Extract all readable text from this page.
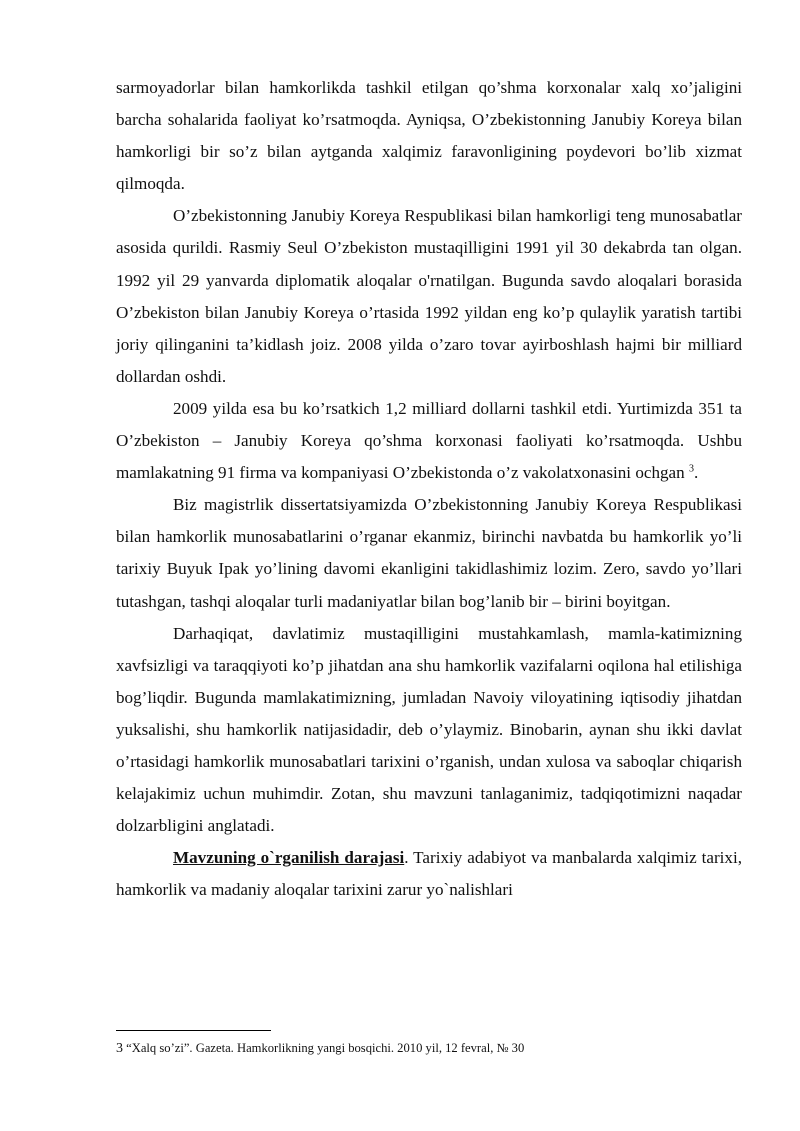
sarmoyadorlar bilan hamkorlikda tashkil etilgan qo’shma korxonalar xalq xo’jaligini barcha sohalarida faoliyat ko’rsatmoqda. Ayniqsa, O’zbekistonning Janubiy Koreya bilan hamkorligi bir so’z bilan aytganda xalqimiz faravonligining poydevori bo’lib xizmat qilmoqda.

O’zbekistonning Janubiy Koreya Respublikasi bilan hamkorligi teng munosabatlar asosida qurildi. Rasmiy Seul O’zbekiston mustaqilligini 1991 yil 30 dekabrda tan olgan. 1992 yil 29 yanvarda diplomatik aloqalar o'rnatilgan. Bugunda savdo aloqalari borasida O’zbekiston bilan Janubiy Koreya o’rtasida 1992 yildan eng ko’p qulaylik yaratish tartibi joriy qilinganini ta’kidlash joiz. 2008 yilda o’zaro tovar ayirboshlash hajmi bir milliard dollardan oshdi.

2009 yilda esa bu ko’rsatkich 1,2 milliard dollarni tashkil etdi. Yurtimizda 351 ta O’zbekiston – Janubiy Koreya qo’shma korxonasi faoliyati ko’rsatmoqda. Ushbu mamlakatning 91 firma va kompaniyasi O’zbekistonda o’z vakolatxonasini ochgan $^3$.

Biz magistrlik dissertatsiyamizda O’zbekistonning Janubiy Koreya Respublikasi bilan hamkorlik munosabatlarini o’rganar ekanmiz, birinchi navbatda bu hamkorlik yo’li tarixiy Buyuk Ipak yo’lining davomi ekanligini takidlashimiz lozim. Zero, savdo yo’llari tutashgan, tashqi aloqalar turli madaniyatlar bilan bog’lanib bir – birini boyitgan.

Darhaqiqat, davlatimiz mustaqilligini mustahkamlash, mamla-katimizning xavfsizligi va taraqqiyoti ko’p jihatdan ana shu hamkorlik vazifalarni oqilona hal etilishiga bog’liqdir. Bugunda mamlakatimizning, jumladan Navoiy viloyatining iqtisodiy jihatdan yuksalishi, shu hamkorlik natijasidadir, deb o’ylaymiz. Binobarin, aynan shu ikki davlat o’rtasidagi hamkorlik munosabatlari tarixini o’rganish, undan xulosa va saboqlar chiqarish kelajakimiz uchun muhimdir. Zotan, shu mavzuni tanlaganimiz, tadqiqotimizni naqadar dolzarbligini anglatadi.

Mavzuning o`rganilish darajasi. Tarixiy adabiyot va manbalarda xalqimiz tarixi, hamkorlik va madaniy aloqalar tarixini zarur yo`nalishlari

3 “Xalq so’zi”. Gazeta. Hamkorlikning yangi bosqichi. 2010 yil, 12 fevral, № 30
